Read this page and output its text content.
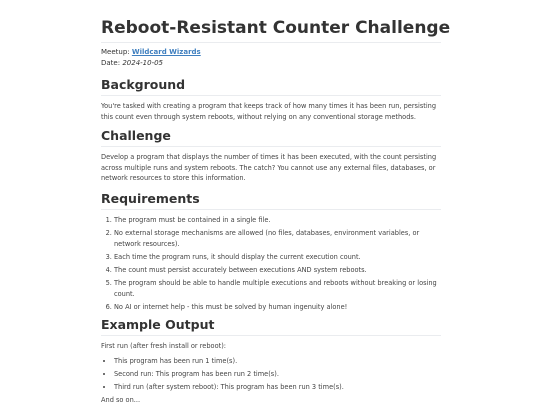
Reboot-Resistant Counter Challenge
Meetup: Wildcard Wizards
Date: 2024-10-05
Background

You're tasked with creating a program that keeps track of how many times it has been run, persisting this count even through system reboots, without relying on any conventional storage methods.

Challenge

Develop a program that displays the number of times it has been executed, with the count persisting across multiple runs and system reboots. The catch? You cannot use any external files, databases, or network resources to store this information.

Requirements
1. The program must be contained in a single file.
2. No external storage mechanisms are allowed (no files, databases, environment variables, or network resources).
3. Each time the program runs, it should display the current execution count.
4. The count must persist accurately between executions AND system reboots.
5. The program should be able to handle multiple executions and reboots without breaking or losing count.
6. No AI or internet help - this must be solved by human ingenuity alone!
Example Output

First run (after fresh install or reboot):

• This program has been run 1 time(s).
• Second run: This program has been run 2 time(s).
• Third run (after system reboot): This program has been run 3 time(s).

And so on...
